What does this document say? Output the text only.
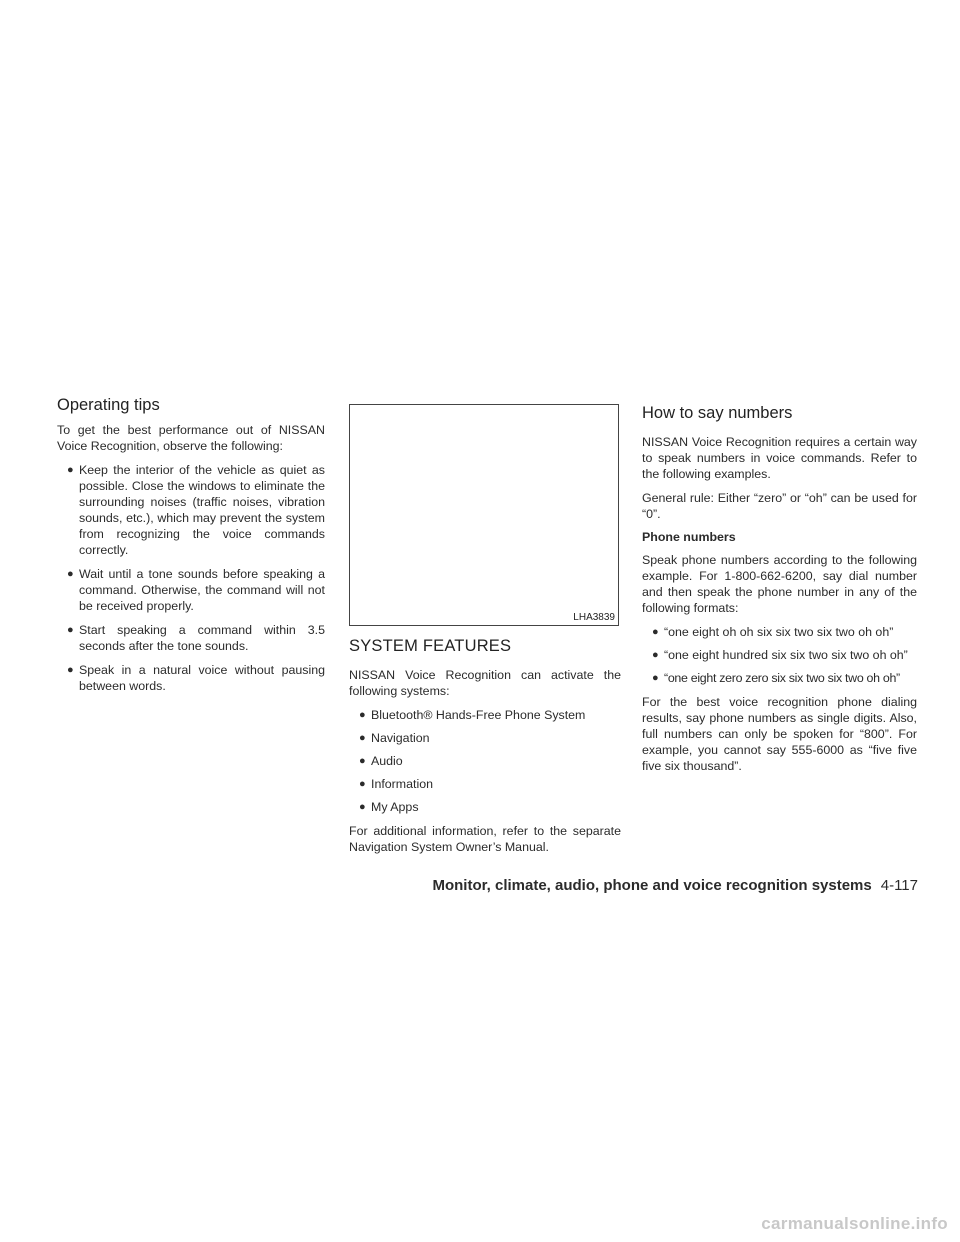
Operating tips

To get the best performance out of NISSAN Voice Recognition, observe the following:

● Keep the interior of the vehicle as quiet as possible. Close the windows to eliminate the surrounding noises (traffic noises, vibration sounds, etc.), which may prevent the system from recognizing the voice commands correctly.
● Wait until a tone sounds before speaking a command. Otherwise, the command will not be received properly.
● Start speaking a command within 3.5 seconds after the tone sounds.
● Speak in a natural voice without pausing between words.
LHA3839
SYSTEM FEATURES

NISSAN Voice Recognition can activate the following systems:

● Bluetooth® Hands-Free Phone System
● Navigation
● Audio
● Information
● My Apps

For additional information, refer to the separate Navigation System Owner’s Manual.

How to say numbers

NISSAN Voice Recognition requires a certain way to speak numbers in voice commands. Refer to the following examples.

General rule: Either “zero” or “oh” can be used for “0”.

Phone numbers

Speak phone numbers according to the following example. For 1-800-662-6200, say dial number and then speak the phone number in any of the following formats:

● “one eight oh oh six six two six two oh oh”
● “one eight hundred six six two six two oh oh”
● “one eight zero zero six six two six two oh oh”

For the best voice recognition phone dialing results, say phone numbers as single digits. Also, full numbers can only be spoken for “800”. For example, you cannot say 555-6000 as “five five five six thousand”.

Monitor, climate, audio, phone and voice recognition systems 4-117
carmanualsonline.info
